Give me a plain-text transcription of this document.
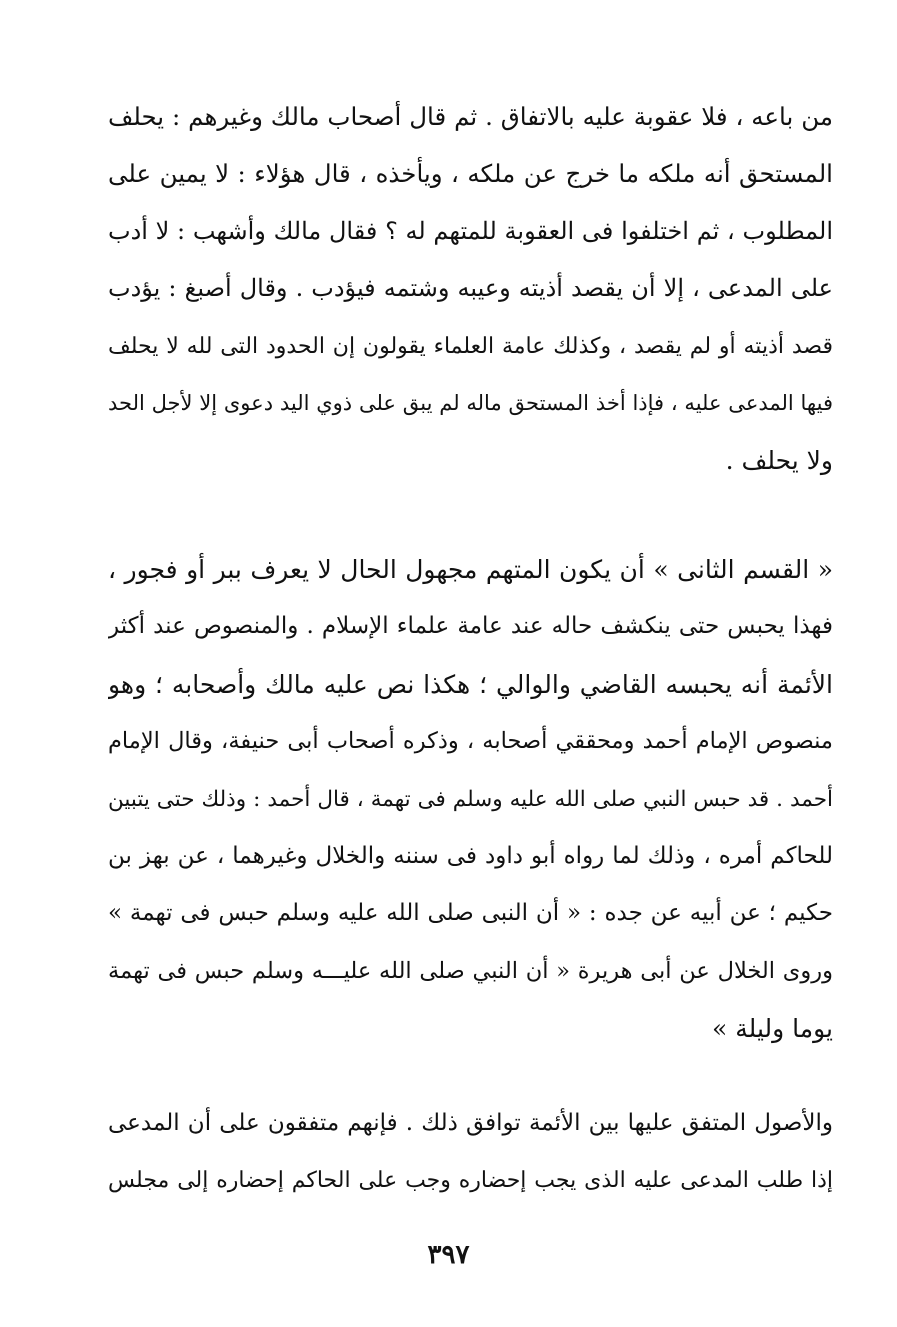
من باعه ، فلا عقوبة عليه بالاتفاق . ثم قال أصحاب مالك وغيرهم : يحلف
المستحق أنه ملكه ما خرج عن ملكه ، ويأخذه ، قال هؤلاء : لا يمين على
المطلوب ، ثم اختلفوا فى العقوبة للمتهم له ؟ فقال مالك وأشهب : لا أدب
على المدعى ، إلا أن يقصد أذيته وعيبه وشتمه فيؤدب . وقال أصبغ : يؤدب
قصد أذيته أو لم يقصد ، وكذلك عامة العلماء يقولون إن الحدود التى لله لا يحلف
فيها المدعى عليه ، فإذا أخذ المستحق ماله لم يبق على ذوي اليد دعوى إلا لأجل الحد
ولا يحلف .
« القسم الثانى » أن يكون المتهم مجهول الحال لا يعرف ببر أو فجور ،
فهذا يحبس حتى ينكشف حاله عند عامة علماء الإسلام . والمنصوص عند أكثر
الأئمة أنه يحبسه القاضي والوالي ؛ هكذا نص عليه مالك وأصحابه ؛ وهو
منصوص الإمام أحمد ومحققي أصحابه ، وذكره أصحاب أبى حنيفة، وقال الإمام
أحمد . قد حبس النبي صلى الله عليه وسلم فى تهمة ، قال أحمد : وذلك حتى يتبين
للحاكم أمره ، وذلك لما رواه أبو داود فى سننه والخلال وغيرهما ، عن بهز بن
حكيم ؛ عن أبيه عن جده : « أن النبى صلى الله عليه وسلم حبس فى تهمة »
وروى الخلال عن أبى هريرة « أن النبي صلى الله عليـــه وسلم حبس فى تهمة
يوما وليلة »
والأصول المتفق عليها بين الأئمة توافق ذلك . فإنهم متفقون على أن المدعى
إذا طلب المدعى عليه الذى يجب إحضاره وجب على الحاكم إحضاره إلى مجلس
٣٩٧
